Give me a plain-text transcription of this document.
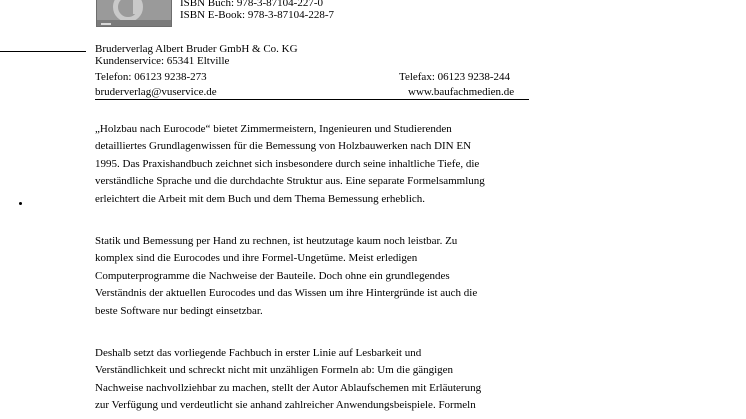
ISBN Buch: 978-3-87104-227-0
ISBN E-Book: 978-3-87104-228-7
Bruderverlag Albert Bruder GmbH & Co. KG
Kundenservice: 65341 Eltville
Telefon: 06123 9238-273	Telefax: 06123 9238-244
bruderverlag@vuservice.de	www.baufachmedien.de
„Holzbau nach Eurocode“ bietet Zimmermeistern, Ingenieuren und Studierenden
detailliertes Grundlagenwissen für die Bemessung von Holzbauwerken nach DIN EN
1995. Das Praxishandbuch zeichnet sich insbesondere durch seine inhaltliche Tiefe, die
verständliche Sprache und die durchdachte Struktur aus. Eine separate Formelsammlung
erleichtert die Arbeit mit dem Buch und dem Thema Bemessung erheblich.
Statik und Bemessung per Hand zu rechnen, ist heutzutage kaum noch leistbar. Zu
komplex sind die Eurocodes und ihre Formel-Ungetüme. Meist erledigen
Computerprogramme die Nachweise der Bauteile. Doch ohne ein grundlegendes
Verständnis der aktuellen Eurocodes und das Wissen um ihre Hintergründe ist auch die
beste Software nur bedingt einsetzbar.
Deshalb setzt das vorliegende Fachbuch in erster Linie auf Lesbarkeit und
Verständlichkeit und schreckt nicht mit unzähligen Formeln ab: Um die gängigen
Nachweise nachvollziehbar zu machen, stellt der Autor Ablaufschemen mit Erläuterung
zur Verfügung und verdeutlicht sie anhand zahlreicher Anwendungsbeispiele. Formeln
